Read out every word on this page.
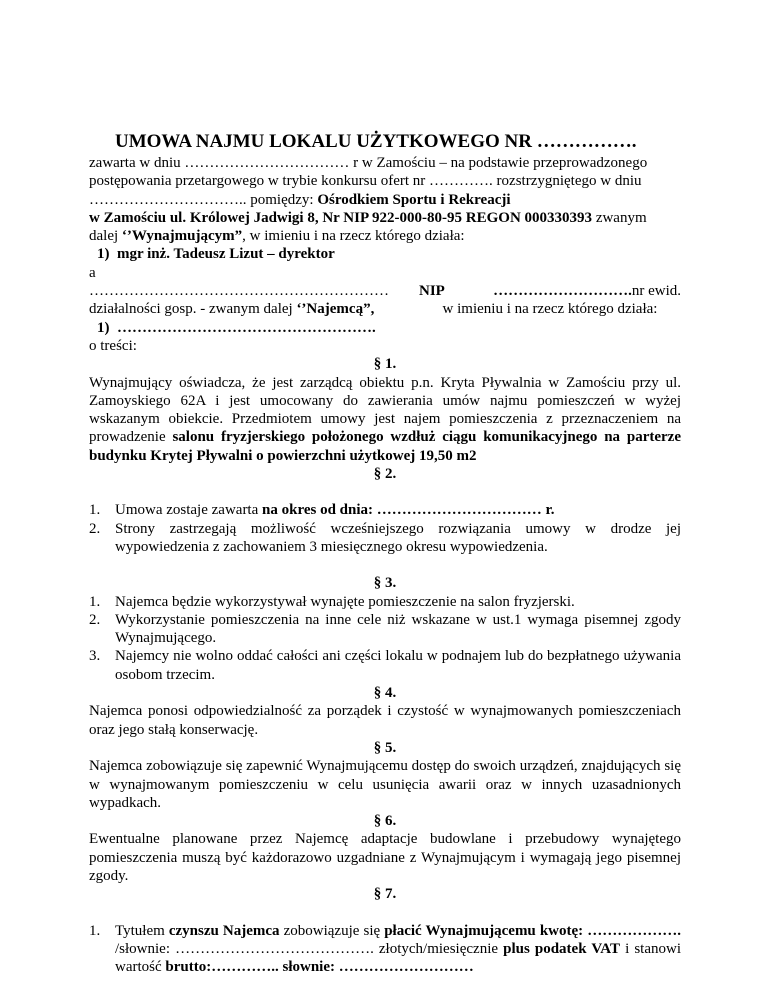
UMOWA NAJMU LOKALU UŻYTKOWEGO NR …………….

zawarta w dniu …………………………… r w Zamościu – na podstawie przeprowadzonego

postępowania przetargowego w trybie konkursu ofert nr …………. rozstrzygniętego w dniu

………………………….. pomiędzy: Ośrodkiem Sportu i Rekreacji

w Zamościu ul. Królowej Jadwigi 8, Nr NIP 922-000-80-95 REGON 000330393 zwanym

dalej ‘’Wynajmującym”, w imieniu i na rzecz którego działa:

1) mgr inż. Tadeusz Lizut – dyrektor

a

……………………………………………………	NIP	……………………….nr ewid.
działalności gosp. - zwanym dalej ‘’Najemcą”,	w imieniu i na rzecz którego działa:

1) …………………………………………….

o treści:

§ 1.

Wynajmujący oświadcza, że jest zarządcą obiektu p.n. Kryta Pływalnia w Zamościu przy ul. Zamoyskiego 62A i jest umocowany do zawierania umów najmu pomieszczeń w wyżej wskazanym obiekcie. Przedmiotem umowy jest najem pomieszczenia z przeznaczeniem na prowadzenie salonu fryzjerskiego położonego wzdłuż ciągu komunikacyjnego na parterze budynku Krytej Pływalni o powierzchni użytkowej 19,50 m2

§ 2.

1. Umowa zostaje zawarta na okres od dnia: …………………………… r.
2. Strony zastrzegają możliwość wcześniejszego rozwiązania umowy w drodze jej wypowiedzenia z zachowaniem 3 miesięcznego okresu wypowiedzenia.

§ 3.

1. Najemca będzie wykorzystywał wynajęte pomieszczenie na salon fryzjerski.
2. Wykorzystanie pomieszczenia na inne cele niż wskazane w ust.1 wymaga pisemnej zgody Wynajmującego.
3. Najemcy nie wolno oddać całości ani części lokalu w podnajem lub do bezpłatnego używania osobom trzecim.

§ 4.

Najemca ponosi odpowiedzialność za porządek i czystość w wynajmowanych pomieszczeniach oraz jego stałą konserwację.

§ 5.

Najemca zobowiązuje się zapewnić Wynajmującemu dostęp do swoich urządzeń, znajdujących się w wynajmowanym pomieszczeniu w celu usunięcia awarii oraz w innych uzasadnionych wypadkach.

§ 6.

Ewentualne planowane przez Najemcę adaptacje budowlane i przebudowy wynajętego pomieszczenia muszą być każdorazowo uzgadniane z Wynajmującym i wymagają jego pisemnej zgody.

§ 7.

1. Tytułem czynszu Najemca zobowiązuje się płacić Wynajmującemu kwotę: ………………. /słownie: …………………………………. złotych/miesięcznie plus podatek VAT i stanowi wartość brutto:………….. słownie: ………………………
